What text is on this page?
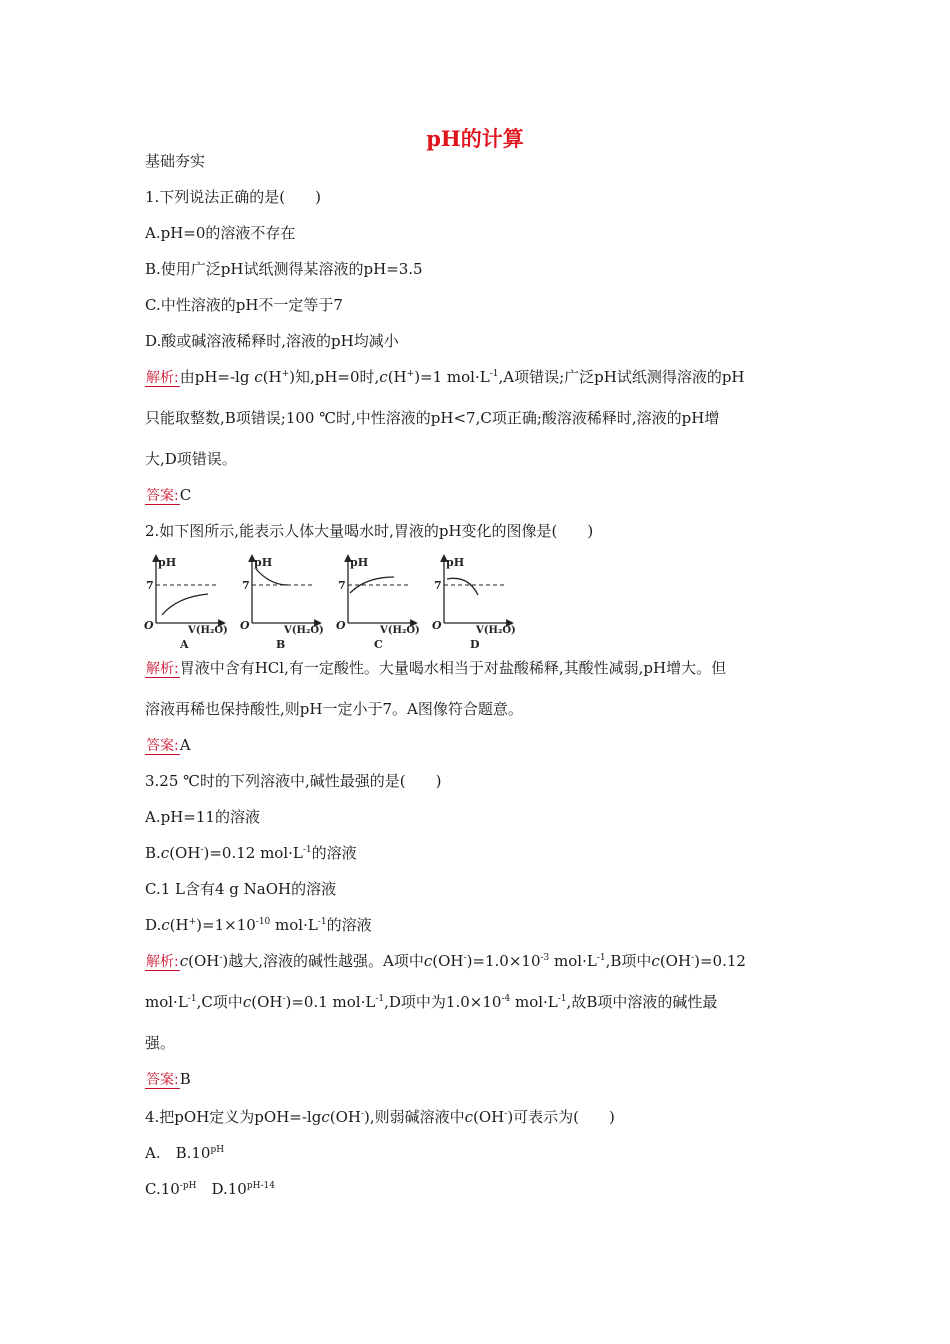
pH的计算
基础夯实
1.下列说法正确的是(　　)
A.pH=0的溶液不存在
B.使用广泛pH试纸测得某溶液的pH=3.5
C.中性溶液的pH不一定等于7
D.酸或碱溶液稀释时,溶液的pH均减小
解析:由pH=-lg c(H+)知,pH=0时,c(H+)=1 $mol\cdot L^{-1},A$项错误;广泛pH试纸测得溶液的pH
只能取整数,B项错误;100 ℃时,中性溶液的pH<7,C项正确;酸溶液稀释时,溶液的pH增
大,D项错误。
答案:C
2.如下图所示,能表示人体大量喝水时,胃液的pH变化的图像是(　　)
pH
7
O	V(H₂O)
A
pH
7
O	V(H₂O)
B
pH
7
O	V(H₂O)
C
pH
7
O	V(H₂O)
D
解析:胃液中含有HCl,有一定酸性。大量喝水相当于对盐酸稀释,其酸性减弱,pH增大。但
溶液再稀也保持酸性,则pH一定小于7。A图像符合题意。
答案:A
3.25 ℃时的下列溶液中,碱性最强的是(　　)
A.pH=11的溶液
B.c(OH-)=0.12 $mol\cdot L^{-1}$的溶液
C.1 L含有4 g NaOH的溶液
$D.c(H^+)=1\times 10^{-10}$ $mol\cdot L^{-1}$的溶液
解析:c(OH-)越大,溶液的碱性越强。A项中$c(OH^-)=1.0\times 10^{-3}$ $mol\cdot L^{-1},B$项中c(OH-)=0.12
$mol\cdot L^{-1},C$项中c(OH-)=0.1 $mol\cdot L^{-1},D$项中为$1.0\times 10^{-4}$ $mol\cdot L^{-1}$,故B项中溶液的碱性最
强。
答案:B
4.把pOH定义为pOH=-lgc(OH-),则弱碱溶液中c(OH-)可表示为(　　)
A.　$B.10^{pH}$
$C.10^{-pH}$　$D.10^{pH-14}$
